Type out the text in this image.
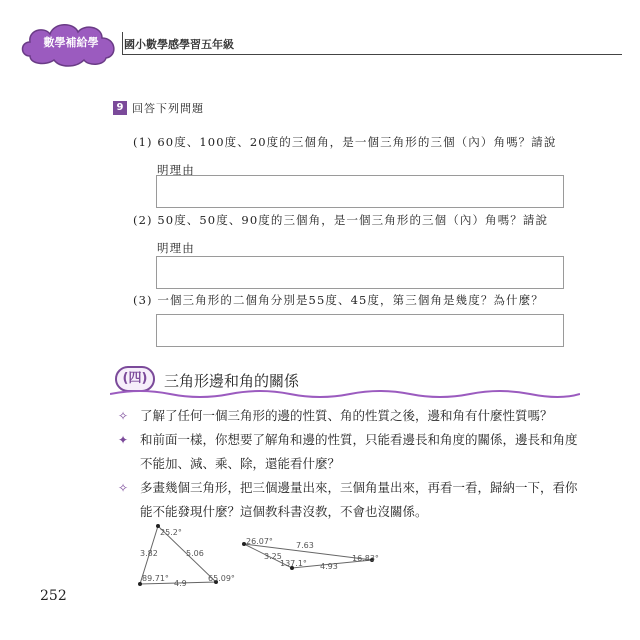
數學補給學	國小數學感學習五年級
9 回答下列問題
(1) 60度、100度、20度的三個角，是一個三角形的三個（內）角嗎？請說
明理由
(2) 50度、50度、90度的三個角，是一個三角形的三個（內）角嗎？請說
明理由
(3) 一個三角形的二個角分別是55度、45度，第三個角是幾度？為什麼？
(四)	三角形邊和角的關係
✧ 了解了任何一個三角形的邊的性質、角的性質之後，邊和角有什麼性質嗎？
✦ 和前面一樣，你想要了解角和邊的性質，只能看邊長和角度的關係，邊長和角度不能加、減、乘、除，還能看什麼？
✧ 多畫幾個三角形，把三個邊量出來，三個角量出來，再看一看，歸納一下，看你能不能發現什麼？這個教科書沒教，不會也沒關係。
25.2°
89.71°	65.09°
3.82	5.06
4.9
26.07°
137.1°
16.83°
3.25
7.63
4.93
252
